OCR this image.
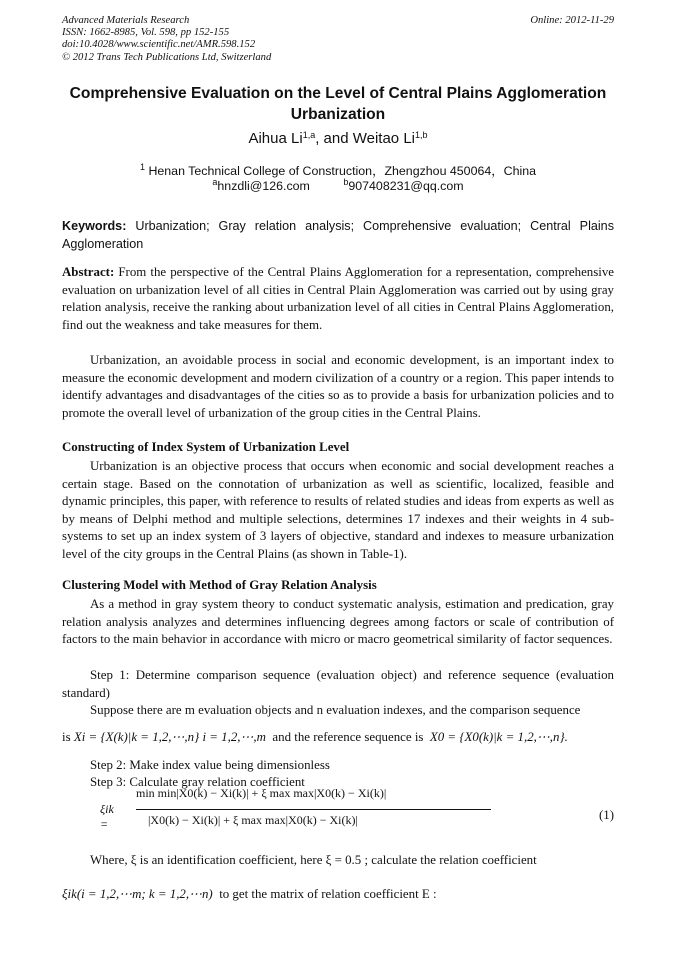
Advanced Materials Research
ISSN: 1662-8985, Vol. 598, pp 152-155
doi:10.4028/www.scientific.net/AMR.598.152
© 2012 Trans Tech Publications Ltd, Switzerland
Online: 2012-11-29
Comprehensive Evaluation on the Level of Central Plains Agglomeration
Urbanization
Aihua Li$^{1,a}$, and Weitao Li$^{1,b}$
$^1$ Henan Technical College of Construction，Zhengzhou 450064，China
$^a$hnzdli@126.com	$^b$907408231@qq.com
Keywords: Urbanization; Gray relation analysis; Comprehensive evaluation; Central Plains Agglomeration
Abstract: From the perspective of the Central Plains Agglomeration for a representation, comprehensive evaluation on urbanization level of all cities in Central Plain Agglomeration was carried out by using gray relation analysis, receive the ranking about urbanization level of all cities in Central Plains Agglomeration, find out the weakness and take measures for them.
Urbanization, an avoidable process in social and economic development, is an important index to measure the economic development and modern civilization of a country or a region. This paper intends to identify advantages and disadvantages of the cities so as to provide a basis for urbanization policies and to promote the overall level of urbanization of the group cities in the Central Plains.
Constructing of Index System of Urbanization Level
Urbanization is an objective process that occurs when economic and social development reaches a certain stage. Based on the connotation of urbanization as well as scientific, localized, feasible and dynamic principles, this paper, with reference to results of related studies and ideas from experts as well as by means of Delphi method and multiple selections, determines 17 indexes and their weights in 4 sub-systems to set up an index system of 3 layers of objective, standard and indexes to measure urbanization level of the city groups in the Central Plains (as shown in Table-1).
Clustering Model with Method of Gray Relation Analysis
As a method in gray system theory to conduct systematic analysis, estimation and predication, gray relation analysis analyzes and determines influencing degrees among factors or scale of contribution of factors to the main behavior in accordance with micro or macro geometrical similarity of factor sequences.
Step 1: Determine comparison sequence (evaluation object) and reference sequence (evaluation standard)
Suppose there are m evaluation objects and n evaluation indexes, and the comparison sequence
is Xi = {X(k)|k = 1,2,⋯,n} i = 1,2,⋯,m and the reference sequence is X0 = {X0(k)|k = 1,2,⋯,n}.
Step 2: Make index value being dimensionless
Step 3: Calculate gray relation coefficient
ξik =
min min|X0(k) − Xi(k)| + ξ max max|X0(k) − Xi(k)|
|X0(k) − Xi(k)| + ξ max max|X0(k) − Xi(k)|	(1)
Where, ξ is an identification coefficient, here ξ = 0.5 ; calculate the relation coefficient
ξik(i = 1,2,⋯m; k = 1,2,⋯n) to get the matrix of relation coefficient E :
